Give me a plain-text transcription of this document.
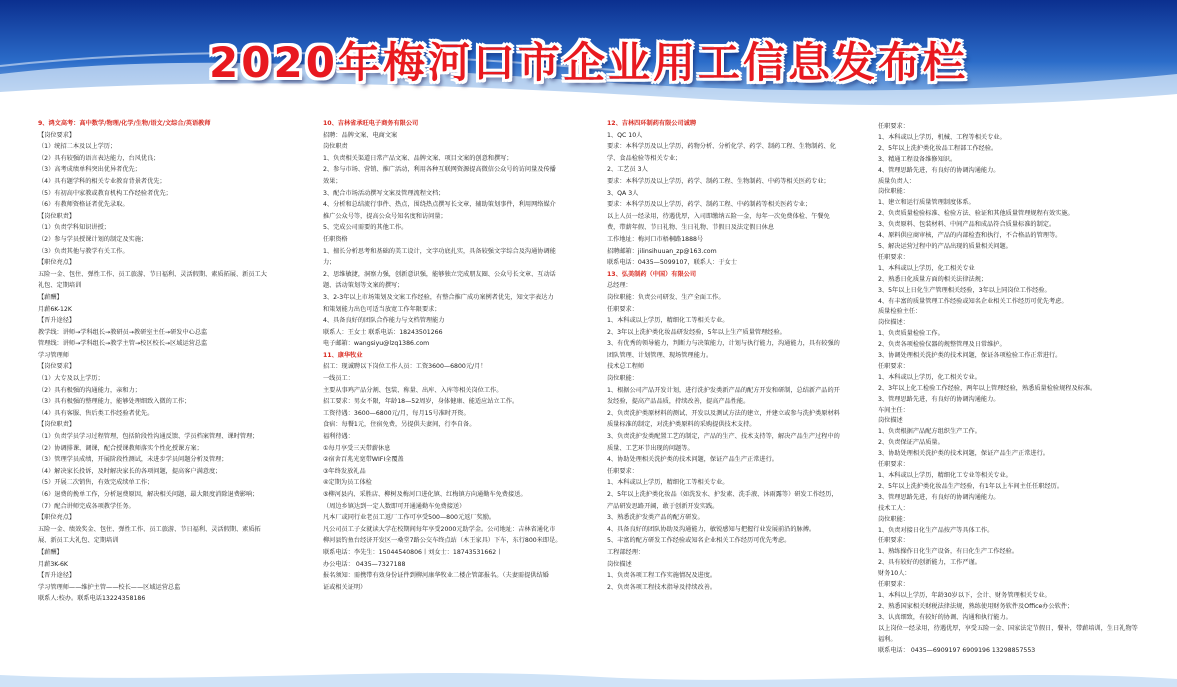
2020年梅河口市企业用工信息发布栏
9、鸿文高考：高中数学/物理/化学/生物/语文/文综合/英语教师
【岗位要求】
（1）统招二本及以上学历；
（2）具有较强的语言表达能力，台风优良；
（3）高考成绩单科突出优异者优先；
（4）具有题学科的相关专业教育背景者优先；
（5）有初高中家教或教育机构工作经验者优先；
（6）有教师资格证者优先录取。
【岗位职责】
（1）负责学科知识讲授；
（2）参与学员授课计划的制定及实施；
（3）负责其他与教学有关工作。
【职位亮点】
五险一金、包住、弹性工作、员工旅游、节日福利、灵活假期、素质拓展、新员工大
礼包、定期培训
【薪酬】
月薪6K-12K
【晋升途径】
教学线：讲师→学科组长→教研员→教研室主任→研发中心总监
管理线：讲师→学科组长→教学主管→校区校长→区域运营总监
学习管理师
【岗位要求】
（1）大专及以上学历；
（2）具有极强的沟通能力，亲和力；
（3）具有极强的整理能力，能够处理细致入微的工作；
（4）具有客服、售后类工作经验者优先。
【岗位职责】
（1）负责学员学习过程管理，包括阶段性沟通反馈、学员档案管理、课时管理；
（2）协调排课、调课，配合授课教师落实个性化授课方案；
（3）管理学员成绩，开展阶段性测试，未进步学员问题分析及管理；
（4）解决家长投诉，及时解决家长的各项问题，提高客户满意度；
（5）开展二次销售，有效完成续单工作；
（6）退费的挽单工作，分析退费原因，解决相关问题，最大限度消除退费影响；
（7）配合讲师完成各项教学任务。
【职位亮点】
五险一金、绩效奖金、包住、弹性工作、员工旅游、节日福利、灵活假期、素质拓
展、新员工大礼包、定期培训
【薪酬】
月薪3K-6K
【晋升途径】
学习管理师——维护主管——校长——区域运营总监
联系人:校办。联系电话13224358186
10、吉林省承旺电子商务有限公司
招聘：品牌文案、电商文案
岗位职责
1、负责相关渠道日常产品文案、品牌文案、项目文案的创意和撰写；
2、参与市场、营销、推广活动，利用各种互联网资源提高微信公众号的访问量及传播
效果；
3、配合市场活动撰写文案及管理流程文档；
4、分析和总结流行事件、热点，围绕热点撰写长文章，辅助策划事件，利用网络媒介
推广公众号等，提高公众号知名度和访问量；
5、完成公司需要的其他工作。
任职资格
1、擅长分析思考和基础的美工设计，文字功底扎实，具备较强文字综合及沟通协调能
力；
2、思维敏捷，洞察力强，创新意识强，能够独立完成朋友圈、公众号长文章、互动话
题、活动策划等文案的撰写；
3、2-3年以上市场策划及文案工作经验，有整合推广成功案例者优先，知文字表达力
和策划能力出色可适当放宽工作年限要求；
4、具备良好的团队合作能力与文档管理能力
联系人：王女士 联系电话：18243501266
电子邮箱：wangsiyu@lzq1386.com
11、康华牧业
招工：现诚聘以下岗位工作人员：工资3600—6800元/月！
一线员工：
主要从事鸡产品分割、包装、称量、出库、入库等相关岗位工作。
招工要求：男女不限，年龄18—52周岁，身体健康、能适应站立工作。
工资待遇：3600—6800元/月，每月15号准时开资。
食宿：每餐1元，住宿免费，另提供夫妻间，行李自备。
福利待遇：
①每月享受三天带薪休息
②宿舍百兆光宽带WIFI全覆盖
③年终发放礼品
④定期为员工体检
⑤柳河县内、采胜店、柳树及梅河口进化镇、红梅镇方向通勤车免费接送。
（周边乡镇达到一定人数即可开通通勤车免费接送）
凡本厂或同行业老员工返厂工作可享受500—800元返厂奖励。
凡公司员工子女就读大学在校期间每年享受2000元助学金。公司地址：吉林省通化市
柳河县钓鱼台经济开发区一桑堂7路公交车终点站（木王家具）下车，东行800米即是。
联系电话：李先生：15044540806丨刘女士：18743531662丨
办公电话： 0435—7327188
报名须知：需携带有效身份证件到柳河康华牧业二楼企管部报名。（夫妻需提供结婚
证或相关证明）
12、吉林四环制药有限公司诚聘
1、QC 10人
要求：本科学历及以上学历，药物分析、分析化学、药学、制药工程、生物制药、化
学、食品检验等相关专业；
2、工艺员 3人
要求：本科学历及以上学历，药学、制药工程、生物制药、中药等相关医药专业；
3、QA 3人
要求：本科学历及以上学历，药学、制药工程、中药制药等相关医药专业；
以上人员一经录用，待遇优厚，入司即缴纳五险一金，每年一次免费体检、午餐免
费，带薪年假、节日礼物、生日礼物、节假日及法定假日休息
工作地址：梅河口市梧桐路1888号
招聘邮箱：jilinsihuuan_zp@163.com
联系电话：0435—5099107，联系人：于女士
13、弘美制药（中国）有限公司
总经理：
岗位职能：负责公司研发、生产全面工作。
任职要求：
1、本科或以上学历，精细化工等相关专业。
2、3年以上洗护类化妆品研发经验，5年以上生产质量管理经验。
3、有优秀的领导能力，判断力与决策能力，计划与执行能力，沟通能力，具有较强的
团队管理、计划管理、现场管理能力。
技术总工程师
岗位职能：
1、根据公司产品开发计划，进行洗护发类新产品的配方开发和研制，总结新产品的开
发经验，提高产品品质，持续改善，提高产品性能。
2、负责洗护类原材料的测试、开发以及测试方法的建立，并建立或参与洗护类原材料
质量标准的制定，对洗护类原料的采购提供技术支持。
3、负责洗护发类配置工艺的制定，产品的生产、技术支持等，解决产品生产过程中的
质量、工艺环节出现的问题等。
4、协助处理相关洗护类的技术问题，保证产品生产正常进行。
任职要求：
1、本科或以上学历，精细化工等相关专业。
2、5年以上洗护类化妆品（如洗发水、护发素、洗手液、沐雨露等）研发工作经历，
产品研发思路开阔，敢于创新开发实践。
3、熟悉洗护发类产品的配方研发。
4、具备良好的团队协助及沟通能力，敏锐感知与把握行业发展前沿的脉搏。
5、丰富的配方研发工作经验或知名企业相关工作经历可优先考虑。
工程部经理：
岗位描述
1、负责各项工程工作实施情况及进度。
2、负责各项工程技术指导及持续改善。
任职要求：
1、本科或以上学历，机械、工程等相关专业。
2、5年以上洗护类化妆品工程部工作经验。
3、精通工程设备维修知识。
4、管理思路先进，有良好的协调沟通能力。
质量负责人：
岗位职能：
1、建立和运行质量管理制度体系。
2、负责质量检验标准、检验方法、验证和其他质量管理规程有效实施。
3、负责原料、包装材料、中间产品和成品符合质量标准的制定。
4、原料供应商审核，产品的内部检查和执行，不合格品的管理等。
5、解决运营过程中的产品出现的质量相关问题。
任职要求：
1、本科或以上学历，化工相关专业
2、熟悉日化质量方面的相关法律法规；
3、5年以上日化生产管理相关经验，3年以上同岗位工作经验。
4、有丰富的质量管理工作经验或知名企业相关工作经历可优先考虑。
质量检验主任：
岗位描述：
1、负责质量检验工作。
2、负责各项检验仪器的规整管理及日常维护。
3、协调处理相关洗护类的技术问题，保证各项检验工作正常进行。
任职要求：
1、本科或以上学历，化工相关专业。
2、3年以上化工检验工作经验，两年以上管理经验，熟悉质量检验规程及标准。
3、管理思路先进，有良好的协调沟通能力。
车间主任：
岗位描述
1、负责根据产品配方组织生产工作。
2、负责保证产品质量。
3、协助处理相关洗护类的技术问题，保证产品生产正常进行。
任职要求：
1、本科或以上学历，精细化工专业等相关专业。
2、5年以上洗护类化妆品生产经验，有1年以上车间主任任职经历。
3、管理思路先进，有良好的协调沟通能力。
技术工人：
岗位职能：
1、负责对接日化生产品按产等具体工作。
任职要求：
1、熟练操作日化生产设备，有日化生产工作经验。
2、具有较好的创新能力，工作严谨。
财务10人：
任职要求：
1、本科以上学历，年龄30岁以下，会计、财务管理相关专业。
2、熟悉国家相关财税法律法规，熟练使用财务软件及Office办公软件；
3、认真细致，有较好的协调、沟通和执行能力。
以上岗位一经录用，待遇优厚，享受五险一金、国家法定节假日，餐补，带薪培训，生日礼物等
福利。
联系电话： 0435—6909197 6909196 13298857553
